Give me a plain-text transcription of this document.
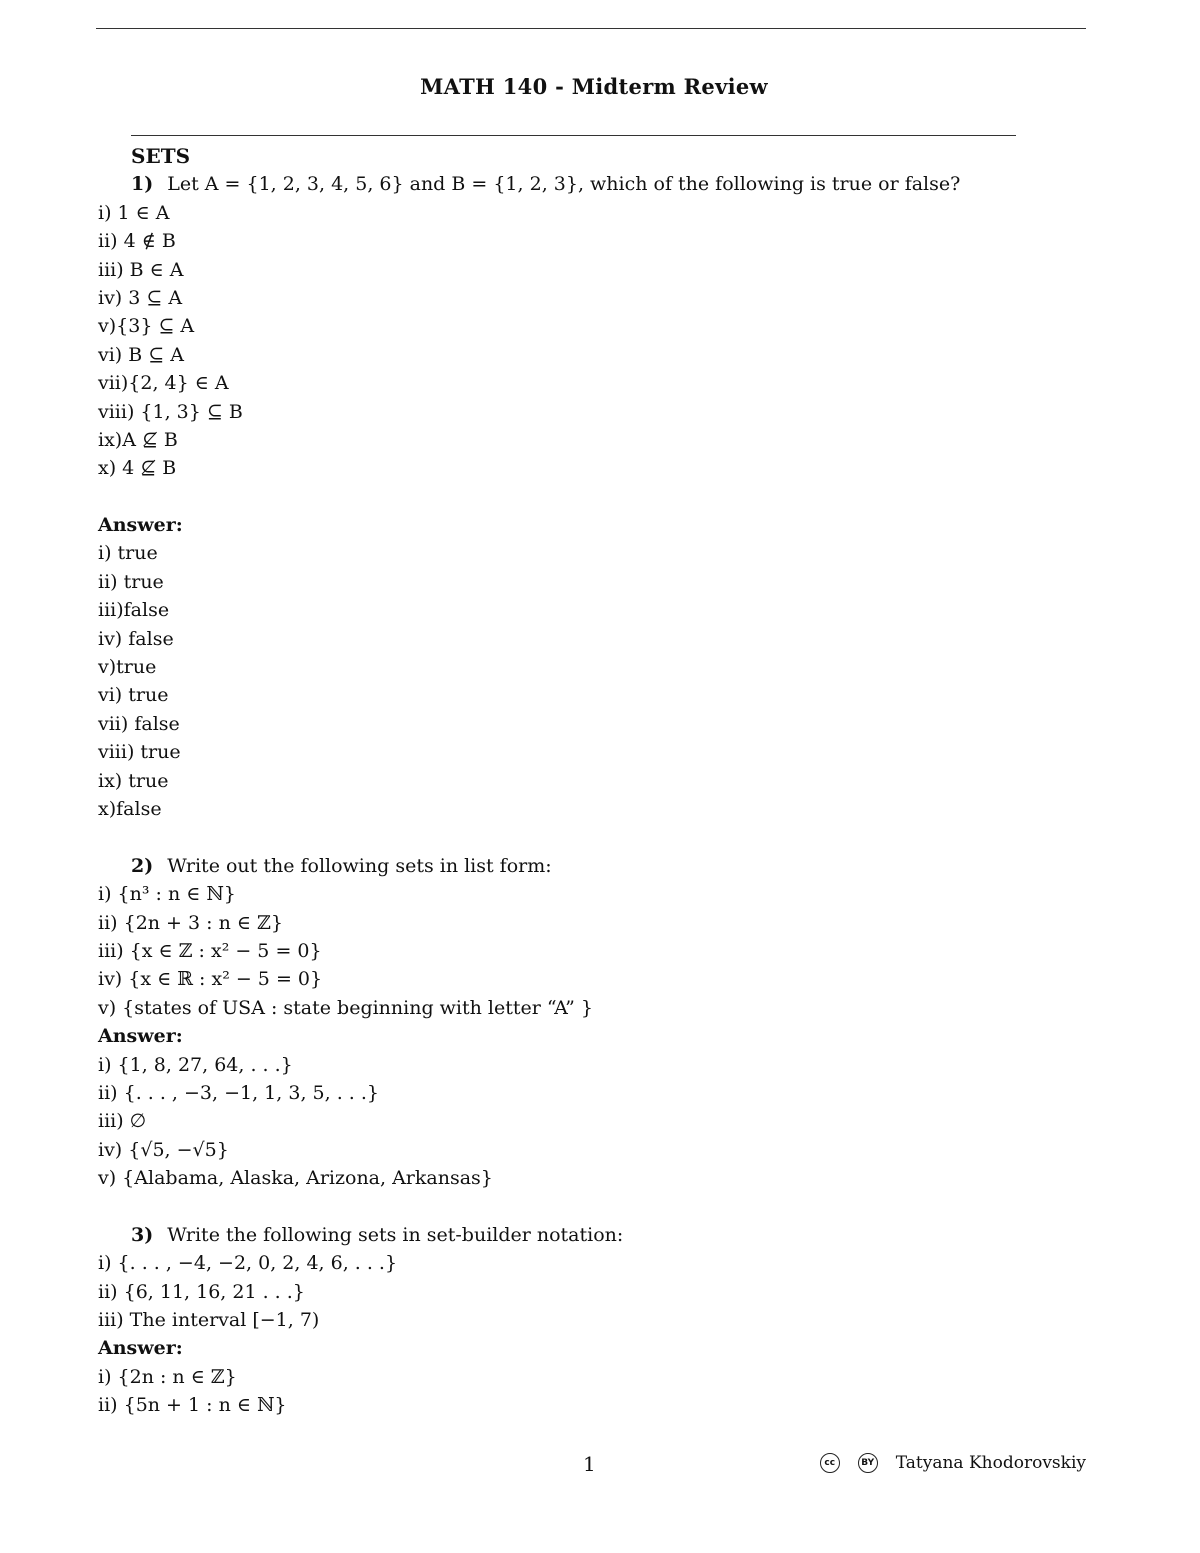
MATH 140 - Midterm Review
SETS
1) Let A = {1, 2, 3, 4, 5, 6} and B = {1, 2, 3}, which of the following is true or false?
i) 1 ∈ A
ii) 4 ∉ B
iii) B ∈ A
iv) 3 ⊆ A
v){3} ⊆ A
vi) B ⊆ A
vii){2, 4} ∈ A
viii) {1, 3} ⊆ B
ix)A ⊈ B
x) 4 ⊈ B
Answer:
i) true
ii) true
iii)false
iv) false
v)true
vi) true
vii) false
viii) true
ix) true
x)false
2) Write out the following sets in list form:
i) {n³ : n ∈ ℕ}
ii) {2n + 3 : n ∈ ℤ}
iii) {x ∈ ℤ : x² − 5 = 0}
iv) {x ∈ ℝ : x² − 5 = 0}
v) {states of USA : state beginning with letter “A” }
Answer:
i) {1, 8, 27, 64, . . .}
ii) {. . . , −3, −1, 1, 3, 5, . . .}
iii) ∅
iv) {√5, −√5}
v) {Alabama, Alaska, Arizona, Arkansas}
3) Write the following sets in set-builder notation:
i) {. . . , −4, −2, 0, 2, 4, 6, . . .}
ii) {6, 11, 16, 21 . . .}
iii) The interval [−1, 7)
Answer:
i) {2n : n ∈ ℤ}
ii) {5n + 1 : n ∈ ℕ}
1	cc	BY Tatyana Khodorovskiy
